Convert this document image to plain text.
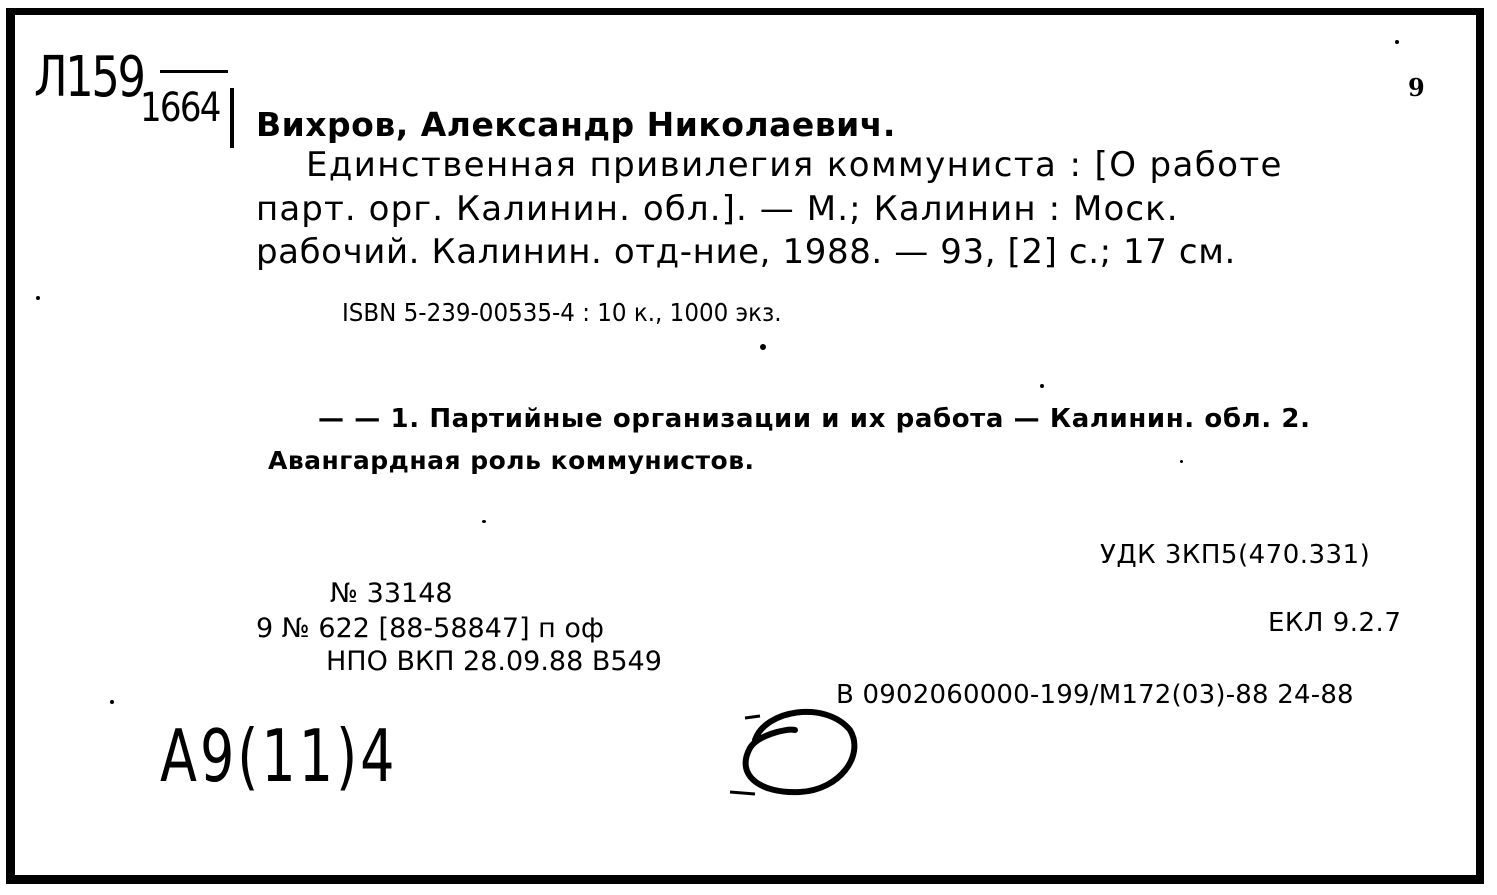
Л159
1664	9
Вихров, Александр Николаевич.
Единственная привилегия коммуниста : [О работе
парт. орг. Калинин. обл.]. — М.; Калинин : Моск.
рабочий. Калинин. отд-ние, 1988. — 93, [2] с.; 17 см.
ISBN 5-239-00535-4 : 10 к., 1000 экз.
— — 1. Партийные организации и их работа — Калинин. обл. 2.
Авангардная роль коммунистов.
УДК 3КП5(470.331)
ЕКЛ 9.2.7
№ 33148
9 № 622 [88-58847] п оф
НПО ВКП 28.09.88 В549
В 0902060000-199/М172(03)-88 24-88
А9(11)4
